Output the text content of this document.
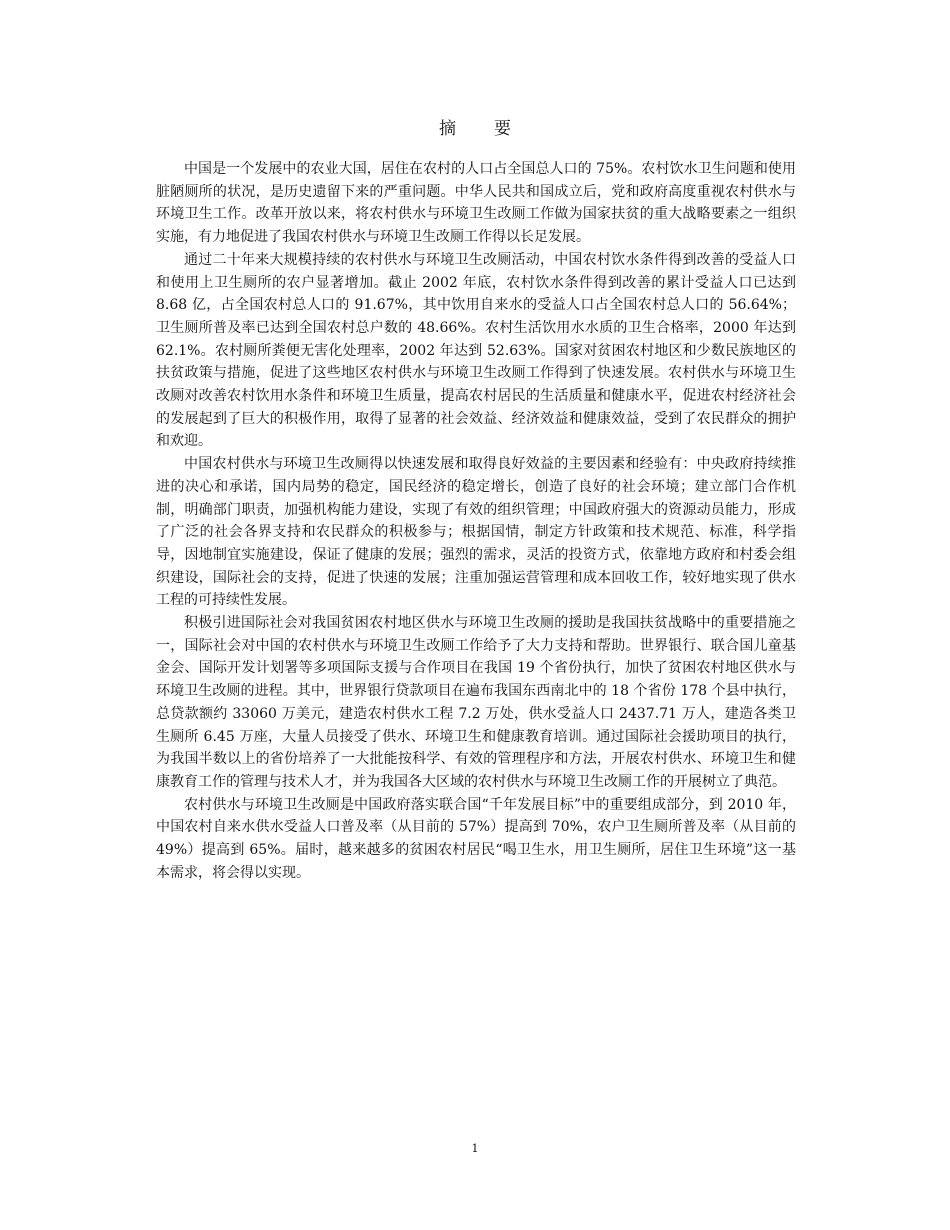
摘要

中国是一个发展中的农业大国，居住在农村的人口占全国总人口的 75%。农村饮水卫生问题和使用脏陋厕所的状况，是历史遗留下来的严重问题。中华人民共和国成立后，党和政府高度重视农村供水与环境卫生工作。改革开放以来，将农村供水与环境卫生改厕工作做为国家扶贫的重大战略要素之一组织实施，有力地促进了我国农村供水与环境卫生改厕工作得以长足发展。

通过二十年来大规模持续的农村供水与环境卫生改厕活动，中国农村饮水条件得到改善的受益人口和使用上卫生厕所的农户显著增加。截止 2002 年底，农村饮水条件得到改善的累计受益人口已达到 8.68 亿，占全国农村总人口的 91.67%，其中饮用自来水的受益人口占全国农村总人口的 56.64%；卫生厕所普及率已达到全国农村总户数的 48.66%。农村生活饮用水水质的卫生合格率，2000 年达到 62.1%。农村厕所粪便无害化处理率，2002 年达到 52.63%。国家对贫困农村地区和少数民族地区的扶贫政策与措施，促进了这些地区农村供水与环境卫生改厕工作得到了快速发展。农村供水与环境卫生改厕对改善农村饮用水条件和环境卫生质量，提高农村居民的生活质量和健康水平，促进农村经济社会的发展起到了巨大的积极作用，取得了显著的社会效益、经济效益和健康效益，受到了农民群众的拥护和欢迎。

中国农村供水与环境卫生改厕得以快速发展和取得良好效益的主要因素和经验有：中央政府持续推进的决心和承诺，国内局势的稳定，国民经济的稳定增长，创造了良好的社会环境；建立部门合作机制，明确部门职责，加强机构能力建设，实现了有效的组织管理；中国政府强大的资源动员能力，形成了广泛的社会各界支持和农民群众的积极参与；根据国情，制定方针政策和技术规范、标准，科学指导，因地制宜实施建设，保证了健康的发展；强烈的需求，灵活的投资方式，依靠地方政府和村委会组织建设，国际社会的支持，促进了快速的发展；注重加强运营管理和成本回收工作，较好地实现了供水工程的可持续性发展。

积极引进国际社会对我国贫困农村地区供水与环境卫生改厕的援助是我国扶贫战略中的重要措施之一，国际社会对中国的农村供水与环境卫生改厕工作给予了大力支持和帮助。世界银行、联合国儿童基金会、国际开发计划署等多项国际支援与合作项目在我国 19 个省份执行，加快了贫困农村地区供水与环境卫生改厕的进程。其中，世界银行贷款项目在遍布我国东西南北中的 18 个省份 178 个县中执行，总贷款额约 33060 万美元，建造农村供水工程 7.2 万处，供水受益人口 2437.71 万人，建造各类卫生厕所 6.45 万座，大量人员接受了供水、环境卫生和健康教育培训。通过国际社会援助项目的执行，为我国半数以上的省份培养了一大批能按科学、有效的管理程序和方法，开展农村供水、环境卫生和健康教育工作的管理与技术人才，并为我国各大区域的农村供水与环境卫生改厕工作的开展树立了典范。

农村供水与环境卫生改厕是中国政府落实联合国“千年发展目标”中的重要组成部分，到 2010 年，中国农村自来水供水受益人口普及率（从目前的 57%）提高到 70%，农户卫生厕所普及率（从目前的 49%）提高到 65%。届时，越来越多的贫困农村居民“喝卫生水，用卫生厕所，居住卫生环境”这一基本需求，将会得以实现。

1
